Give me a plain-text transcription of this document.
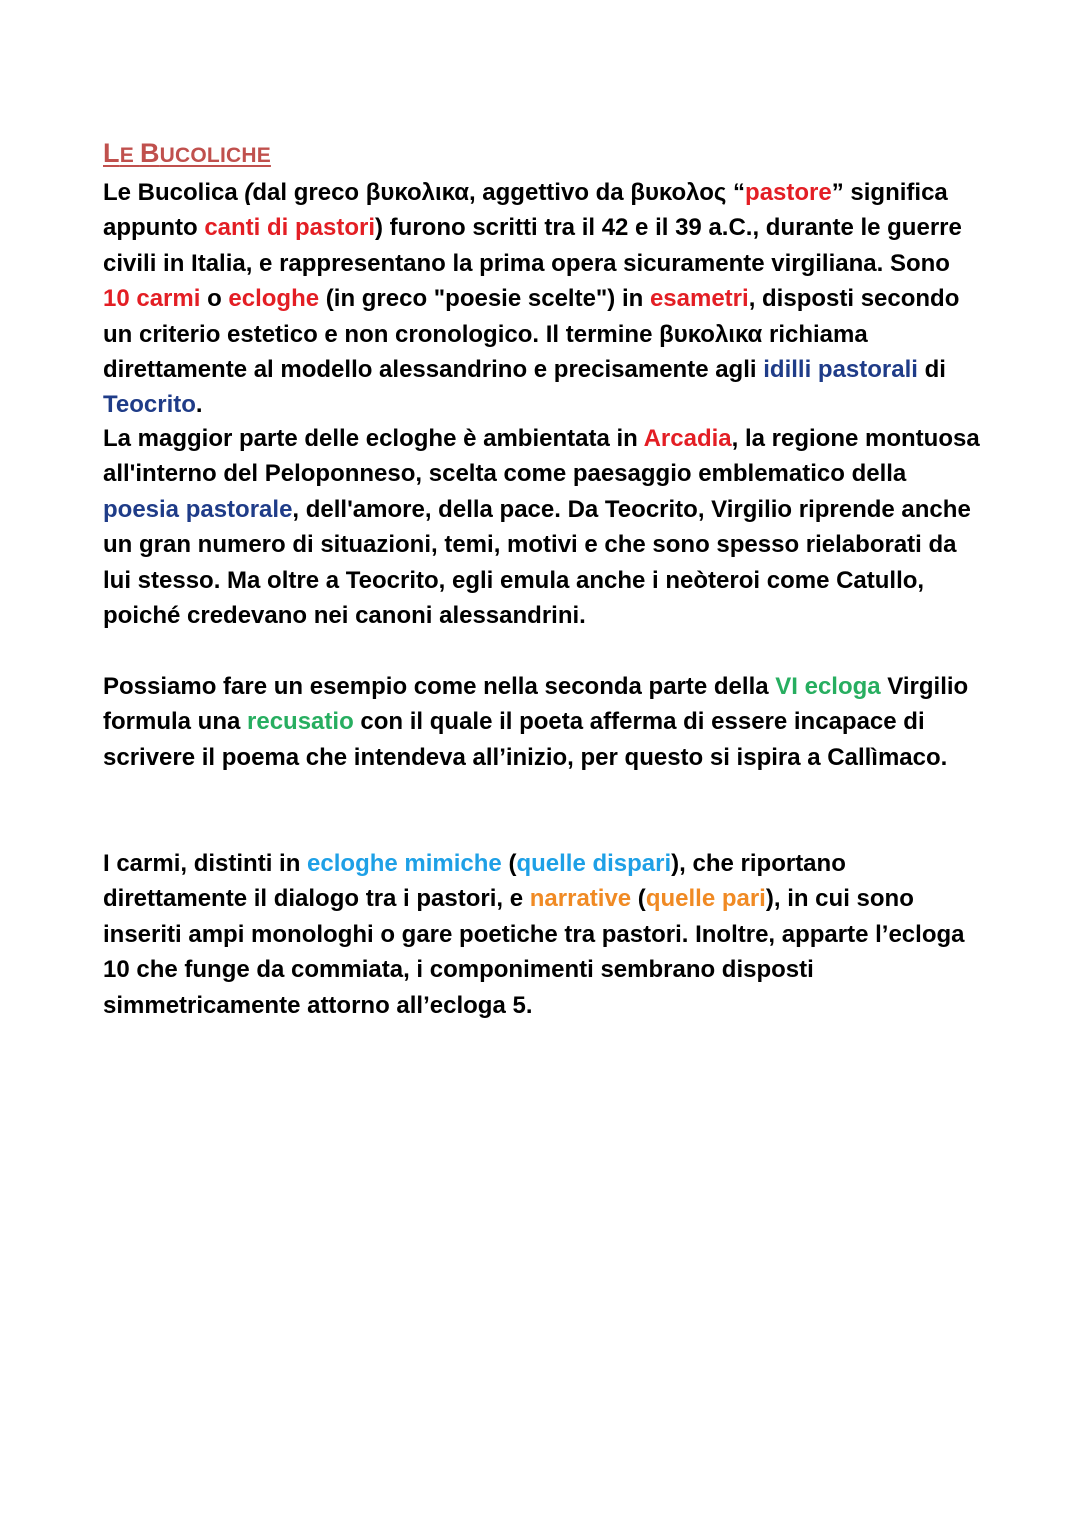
LE BUCOLICHE

Le Bucolica (dal greco βυκολικα, aggettivo da βυκολος “pastore” significa appunto canti di pastori) furono scritti tra il 42 e il 39 a.C., durante le guerre civili in Italia, e rappresentano la prima opera sicuramente virgiliana. Sono 10 carmi o ecloghe (in greco "poesie scelte") in esametri, disposti secondo un criterio estetico e non cronologico. Il termine βυκολικα richiama direttamente al modello alessandrino e precisamente agli idilli pastorali di Teocrito.

La maggior parte delle ecloghe è ambientata in Arcadia, la regione montuosa all'interno del Peloponneso, scelta come paesaggio emblematico della poesia pastorale, dell'amore, della pace. Da Teocrito, Virgilio riprende anche un gran numero di situazioni, temi, motivi e che sono spesso rielaborati da lui stesso. Ma oltre a Teocrito, egli emula anche i neòteroi come Catullo, poiché credevano nei canoni alessandrini.

Possiamo fare un esempio come nella seconda parte della VI ecloga Virgilio formula una recusatio con il quale il poeta afferma di essere incapace di scrivere il poema che intendeva all’inizio, per questo si ispira a Callìmaco.

I carmi, distinti in ecloghe mimiche (quelle dispari), che riportano direttamente il dialogo tra i pastori, e narrative (quelle pari), in cui sono inseriti ampi monologhi o gare poetiche tra pastori. Inoltre, apparte l’ecloga 10 che funge da commiata, i componimenti sembrano disposti simmetricamente attorno all’ecloga 5.
